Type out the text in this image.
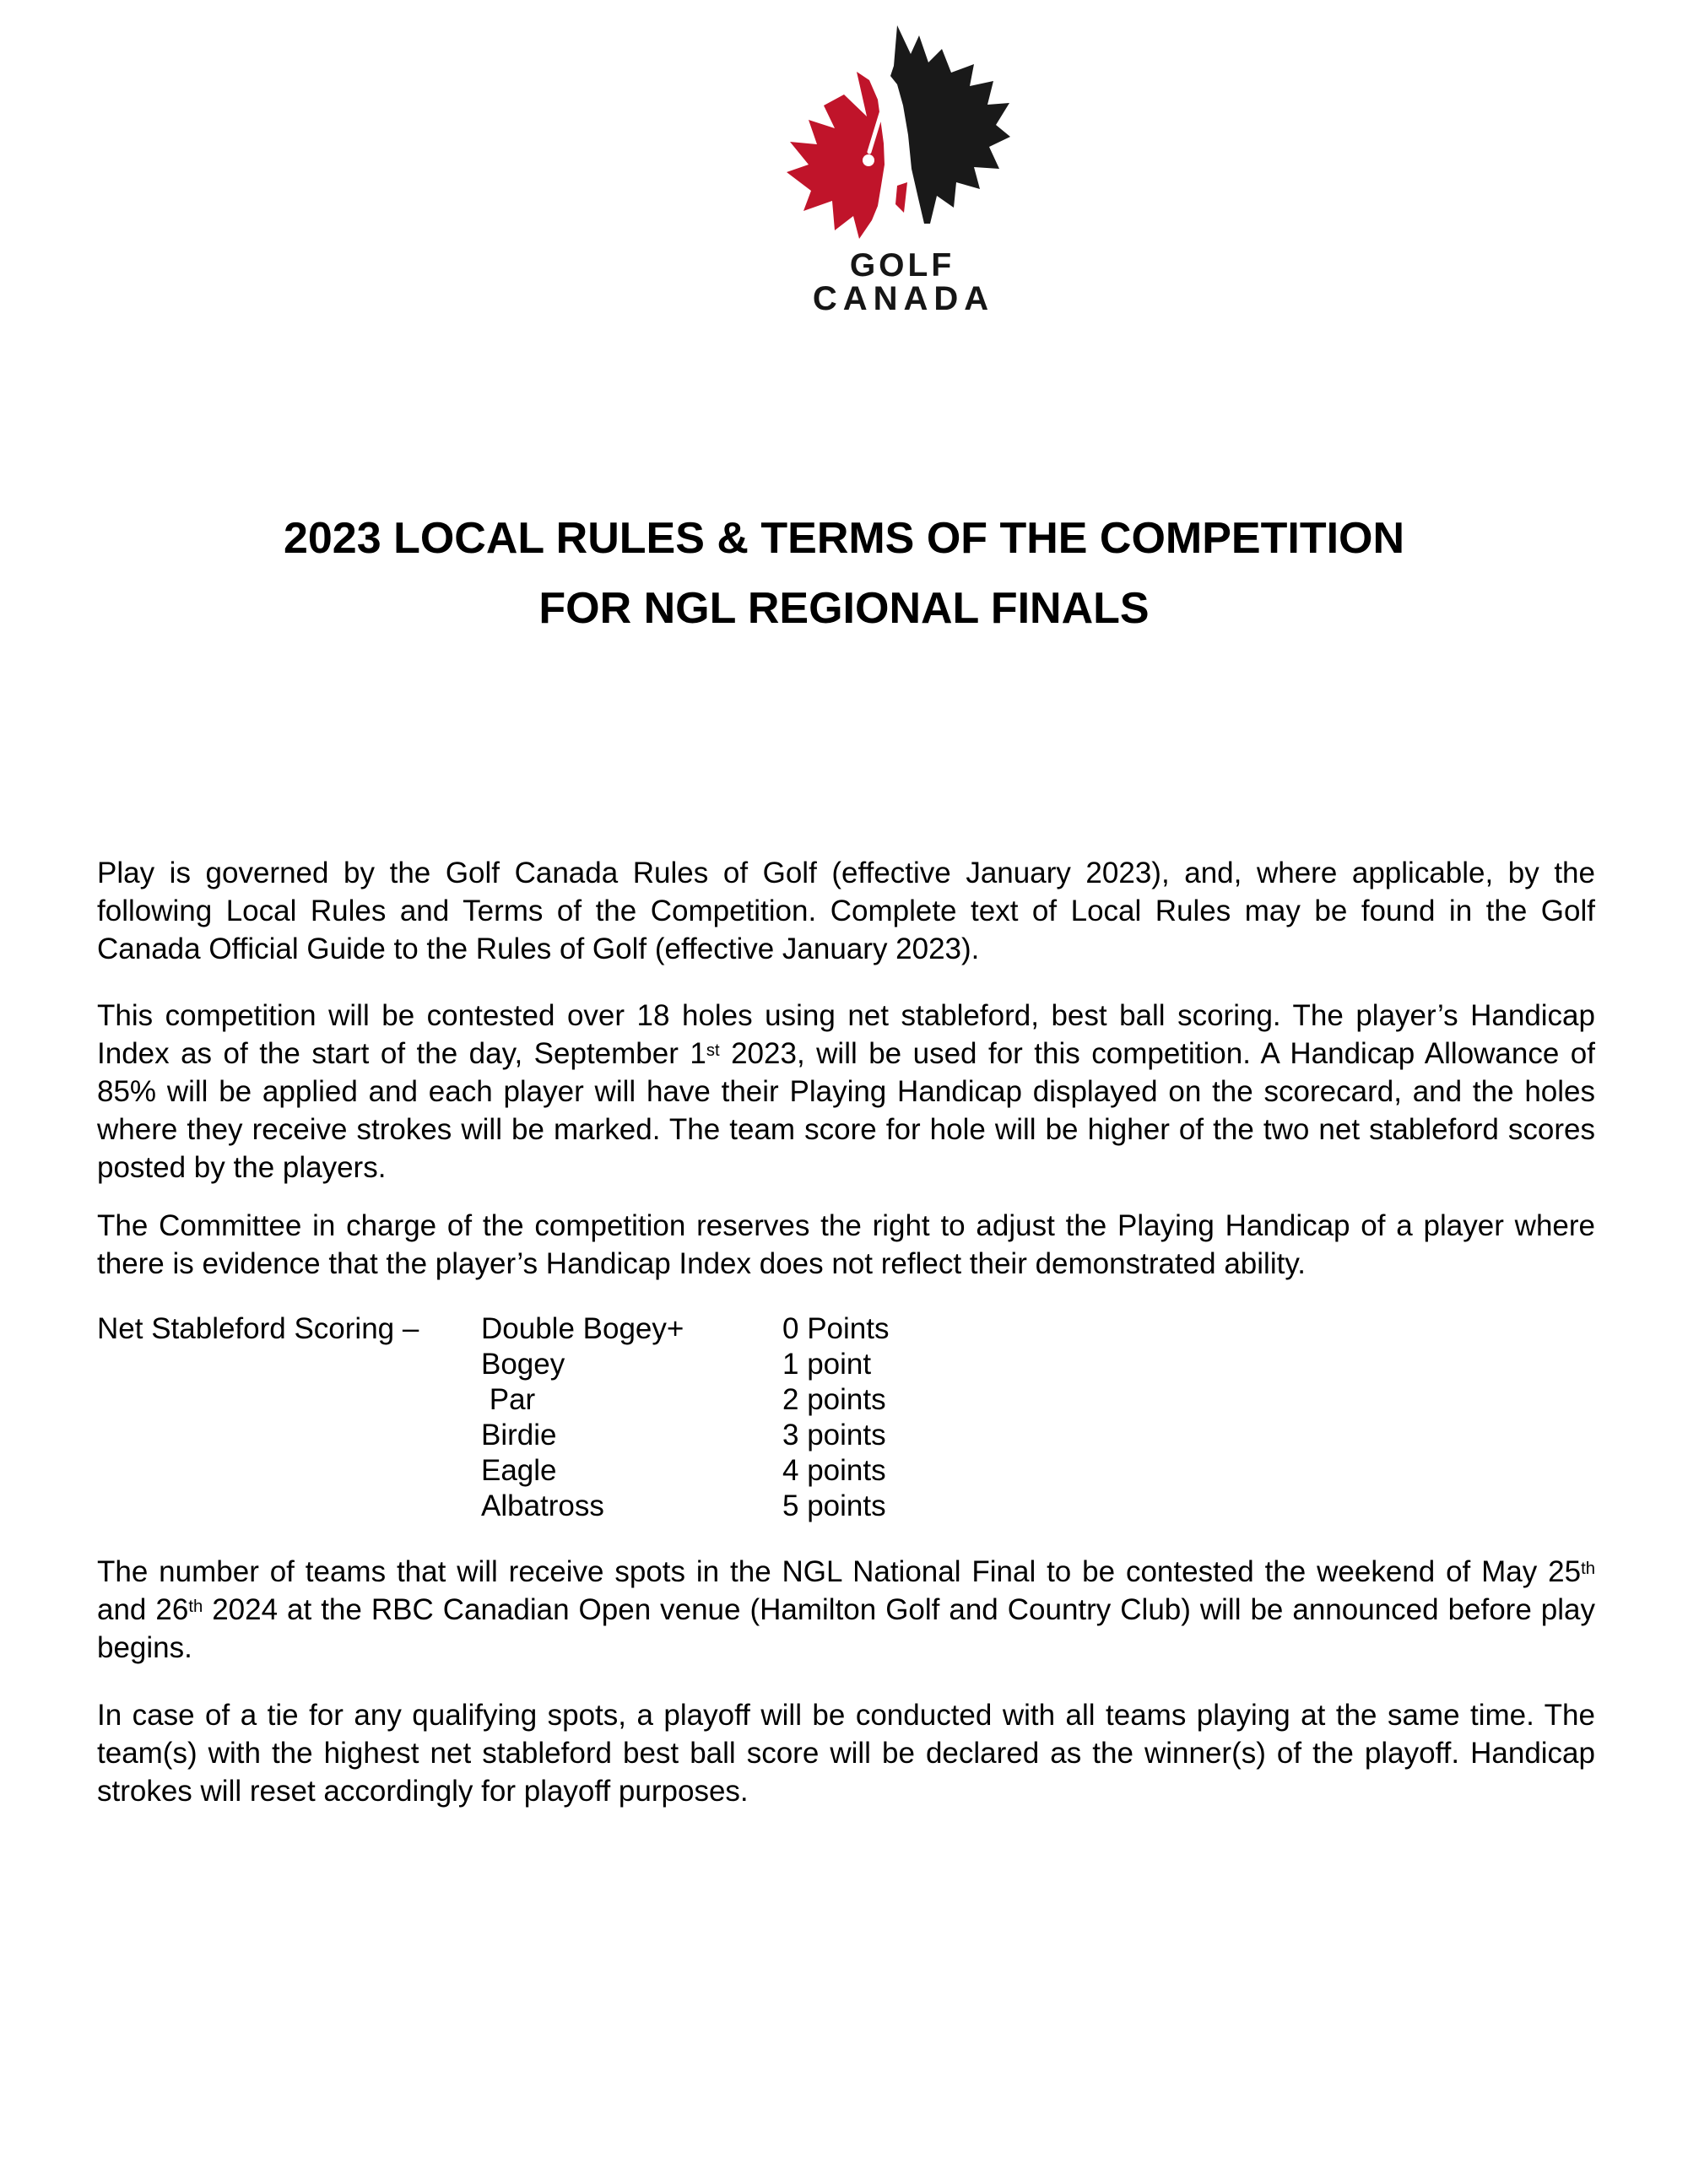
GOLF
CANADA
2023 LOCAL RULES & TERMS OF THE COMPETITION
FOR NGL REGIONAL FINALS

Play is governed by the Golf Canada Rules of Golf (effective January 2023), and, where applicable, by the following Local Rules and Terms of the Competition. Complete text of Local Rules may be found in the Golf Canada Official Guide to the Rules of Golf (effective January 2023).

This competition will be contested over 18 holes using net stableford, best ball scoring. The player’s Handicap Index as of the start of the day, September 1st 2023, will be used for this competition. A Handicap Allowance of 85% will be applied and each player will have their Playing Handicap displayed on the scorecard, and the holes where they receive strokes will be marked. The team score for hole will be higher of the two net stableford scores posted by the players.

The Committee in charge of the competition reserves the right to adjust the Playing Handicap of a player where there is evidence that the player’s Handicap Index does not reflect their demonstrated ability.

Net Stableford Scoring –	Double Bogey+	0 Points
Bogey	1 point
Par	2 points
Birdie	3 points
Eagle	4 points
Albatross	5 points

The number of teams that will receive spots in the NGL National Final to be contested the weekend of May 25th and 26th 2024 at the RBC Canadian Open venue (Hamilton Golf and Country Club) will be announced before play begins.

In case of a tie for any qualifying spots, a playoff will be conducted with all teams playing at the same time. The team(s) with the highest net stableford best ball score will be declared as the winner(s) of the playoff. Handicap strokes will reset accordingly for playoff purposes.
